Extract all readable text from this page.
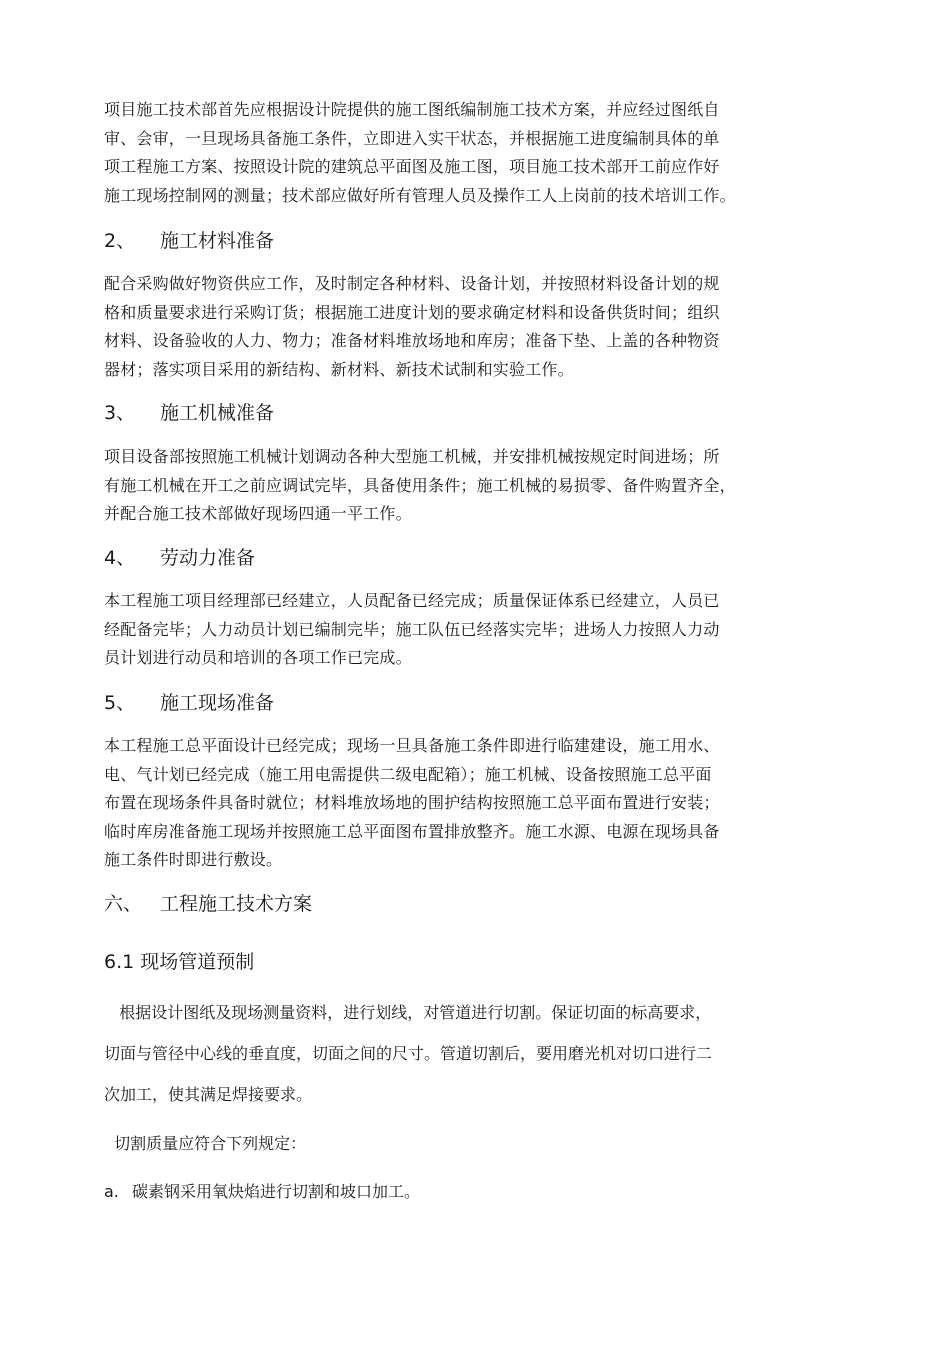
项目施工技术部首先应根据设计院提供的施工图纸编制施工技术方案，并应经过图纸自
审、会审，一旦现场具备施工条件，立即进入实干状态，并根据施工进度编制具体的单
项工程施工方案、按照设计院的建筑总平面图及施工图，项目施工技术部开工前应作好
施工现场控制网的测量；技术部应做好所有管理人员及操作工人上岗前的技术培训工作。
2、 施工材料准备
配合采购做好物资供应工作，及时制定各种材料、设备计划，并按照材料设备计划的规
格和质量要求进行采购订货；根据施工进度计划的要求确定材料和设备供货时间；组织
材料、设备验收的人力、物力；准备材料堆放场地和库房；准备下垫、上盖的各种物资
器材；落实项目采用的新结构、新材料、新技术试制和实验工作。
3、 施工机械准备
项目设备部按照施工机械计划调动各种大型施工机械，并安排机械按规定时间进场；所
有施工机械在开工之前应调试完毕，具备使用条件；施工机械的易损零、备件购置齐全，
并配合施工技术部做好现场四通一平工作。
4、 劳动力准备
本工程施工项目经理部已经建立，人员配备已经完成；质量保证体系已经建立，人员已
经配备完毕；人力动员计划已编制完毕；施工队伍已经落实完毕；进场人力按照人力动
员计划进行动员和培训的各项工作已完成。
5、 施工现场准备
本工程施工总平面设计已经完成；现场一旦具备施工条件即进行临建建设，施工用水、
电、气计划已经完成（施工用电需提供二级电配箱）；施工机械、设备按照施工总平面
布置在现场条件具备时就位；材料堆放场地的围护结构按照施工总平面布置进行安装；
临时库房准备施工现场并按照施工总平面图布置排放整齐。施工水源、电源在现场具备
施工条件时即进行敷设。
六、 工程施工技术方案
6.1 现场管道预制
根据设计图纸及现场测量资料，进行划线，对管道进行切割。保证切面的标高要求，
切面与管径中心线的垂直度，切面之间的尺寸。管道切割后，要用磨光机对切口进行二
次加工，使其满足焊接要求。
切割质量应符合下列规定：
a. 碳素钢采用氧炔焰进行切割和坡口加工。
